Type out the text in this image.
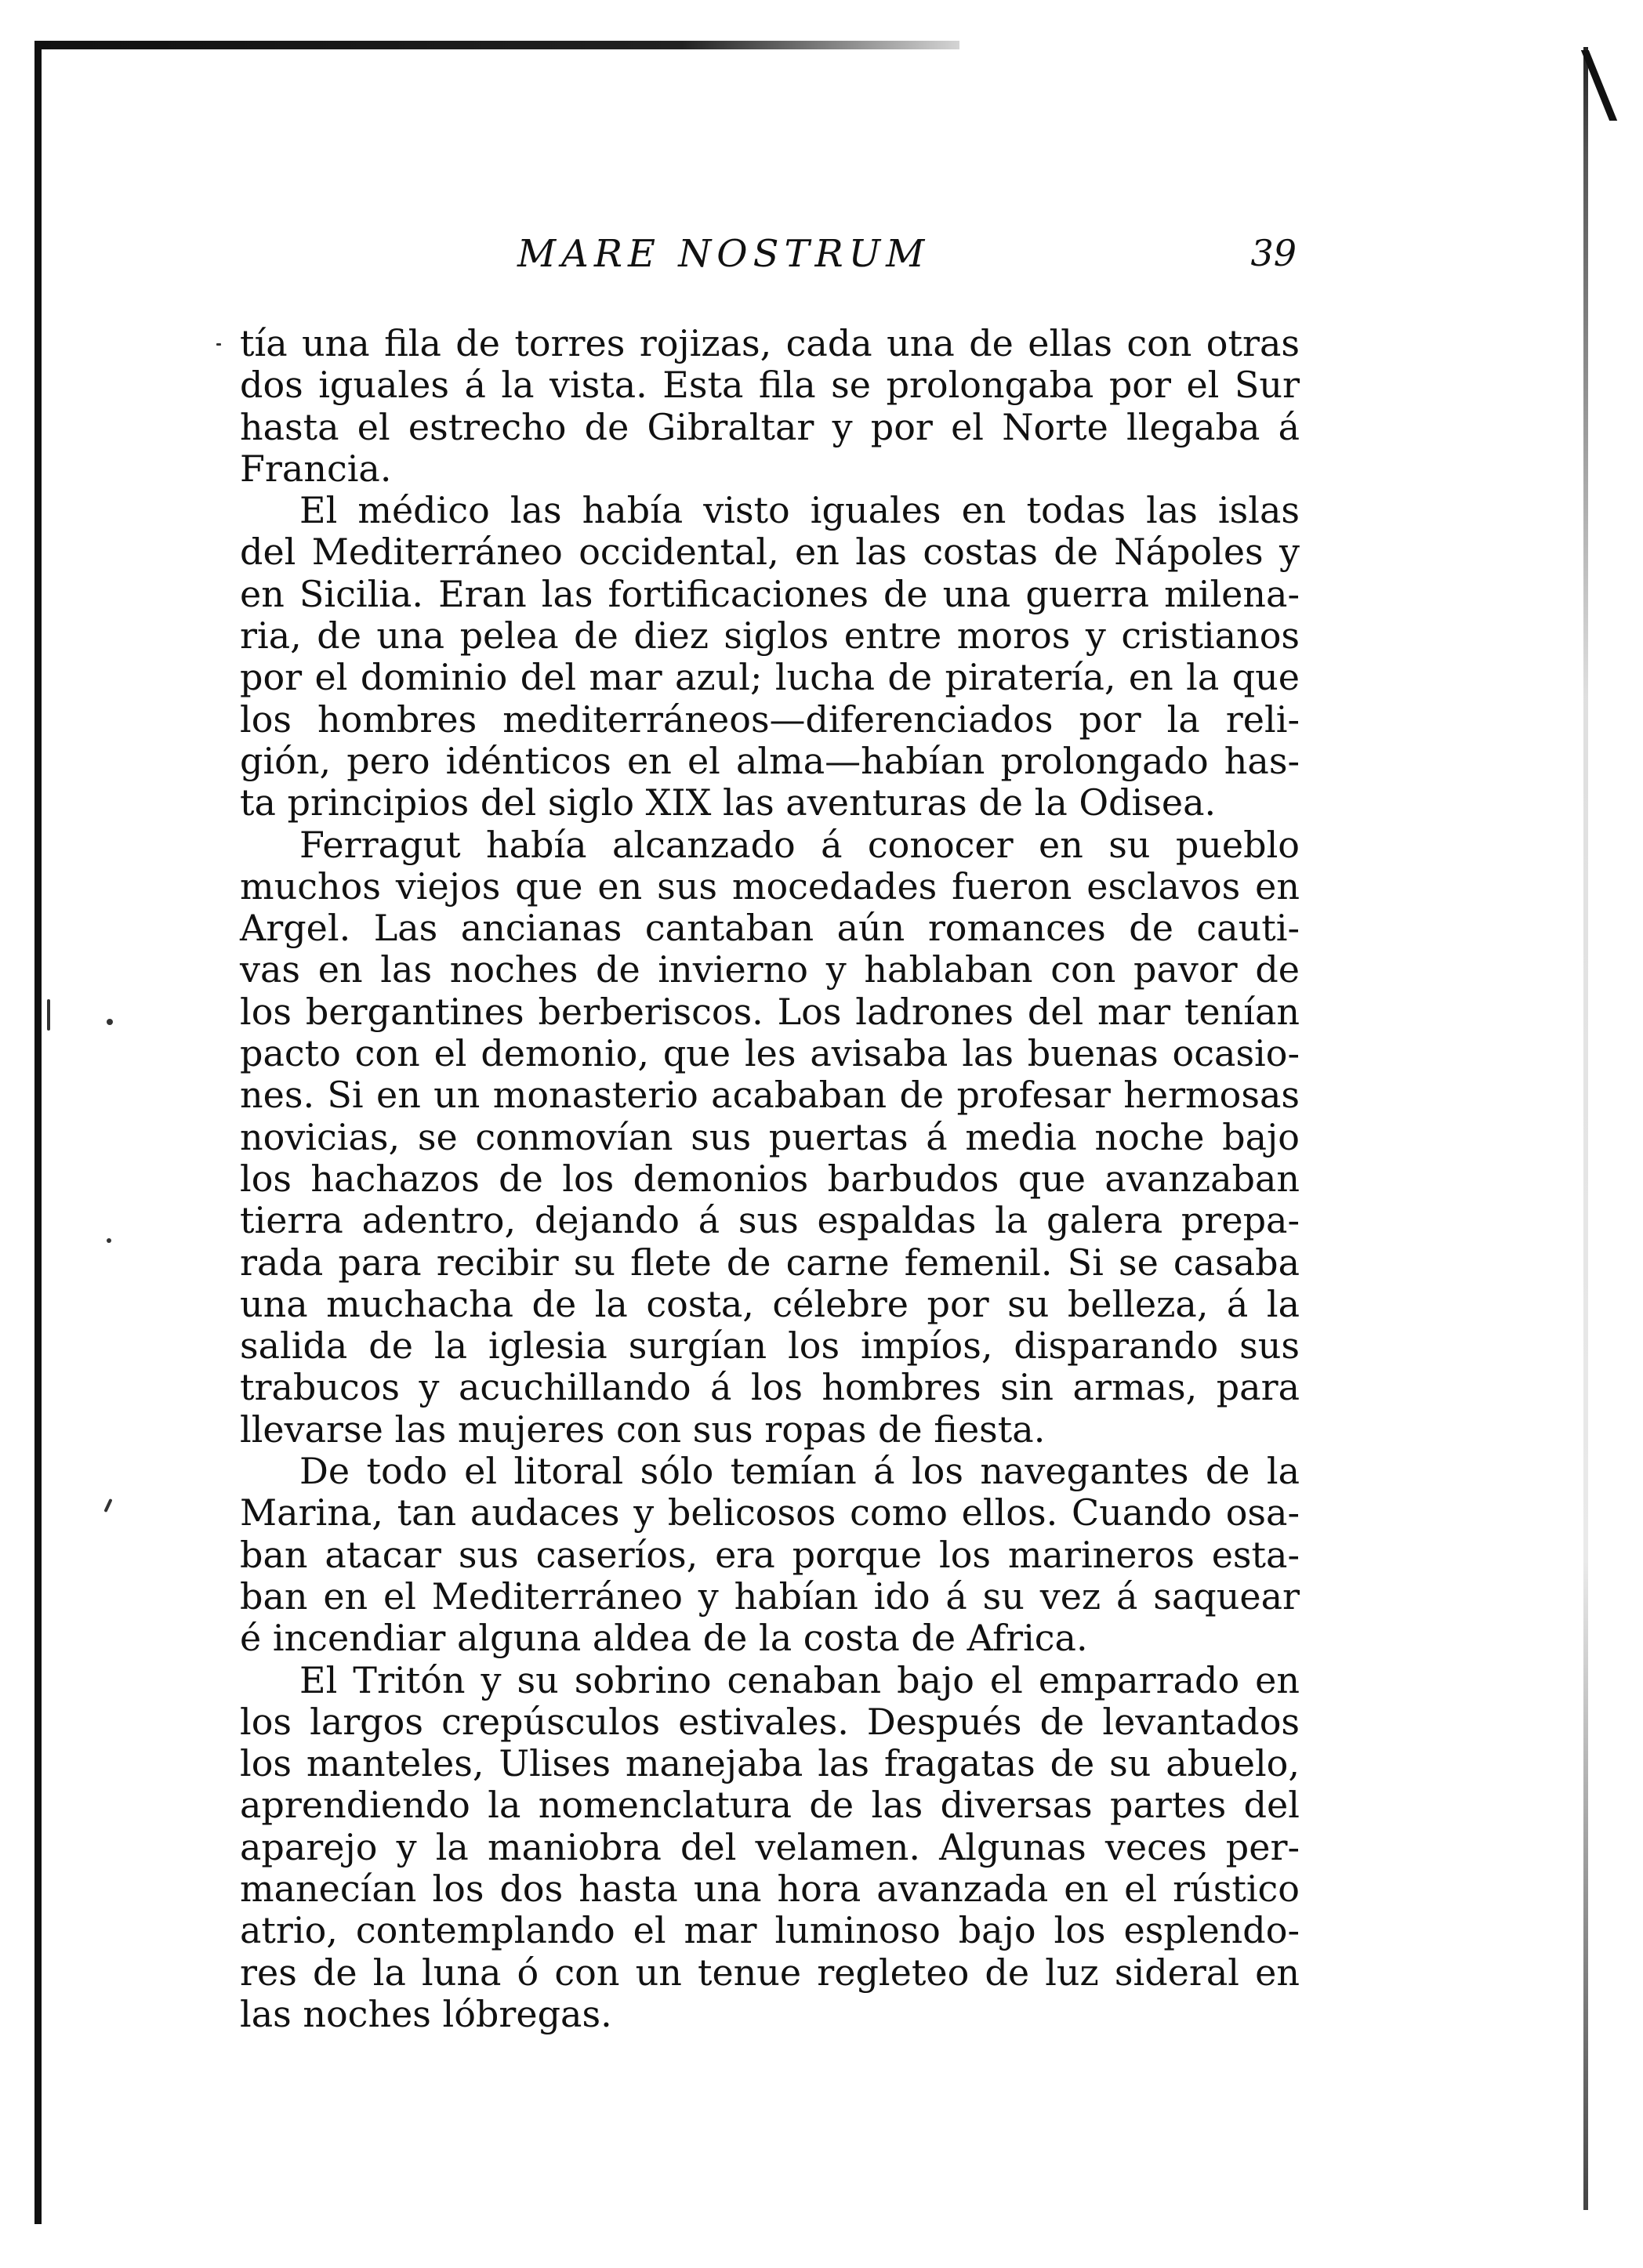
MARE NOSTRUM	39
tía una fila de torres rojizas, cada una de ellas con otras
dos iguales á la vista. Esta fila se prolongaba por el Sur
hasta el estrecho de Gibraltar y por el Norte llegaba á
Francia.
El médico las había visto iguales en todas las islas
del Mediterráneo occidental, en las costas de Nápoles y
en Sicilia. Eran las fortificaciones de una guerra milena-
ria, de una pelea de diez siglos entre moros y cristianos
por el dominio del mar azul; lucha de piratería, en la que
los hombres mediterráneos—diferenciados por la reli-
gión, pero idénticos en el alma—habían prolongado has-
ta principios del siglo XIX las aventuras de la Odisea.
Ferragut había alcanzado á conocer en su pueblo
muchos viejos que en sus mocedades fueron esclavos en
Argel. Las ancianas cantaban aún romances de cauti-
vas en las noches de invierno y hablaban con pavor de
los bergantines berberiscos. Los ladrones del mar tenían
pacto con el demonio, que les avisaba las buenas ocasio-
nes. Si en un monasterio acababan de profesar hermosas
novicias, se conmovían sus puertas á media noche bajo
los hachazos de los demonios barbudos que avanzaban
tierra adentro, dejando á sus espaldas la galera prepa-
rada para recibir su flete de carne femenil. Si se casaba
una muchacha de la costa, célebre por su belleza, á la
salida de la iglesia surgían los impíos, disparando sus
trabucos y acuchillando á los hombres sin armas, para
llevarse las mujeres con sus ropas de fiesta.
De todo el litoral sólo temían á los navegantes de la
Marina, tan audaces y belicosos como ellos. Cuando osa-
ban atacar sus caseríos, era porque los marineros esta-
ban en el Mediterráneo y habían ido á su vez á saquear
é incendiar alguna aldea de la costa de Africa.
El Tritón y su sobrino cenaban bajo el emparrado en
los largos crepúsculos estivales. Después de levantados
los manteles, Ulises manejaba las fragatas de su abuelo,
aprendiendo la nomenclatura de las diversas partes del
aparejo y la maniobra del velamen. Algunas veces per-
manecían los dos hasta una hora avanzada en el rústico
atrio, contemplando el mar luminoso bajo los esplendo-
res de la luna ó con un tenue regleteo de luz sideral en
las noches lóbregas.
